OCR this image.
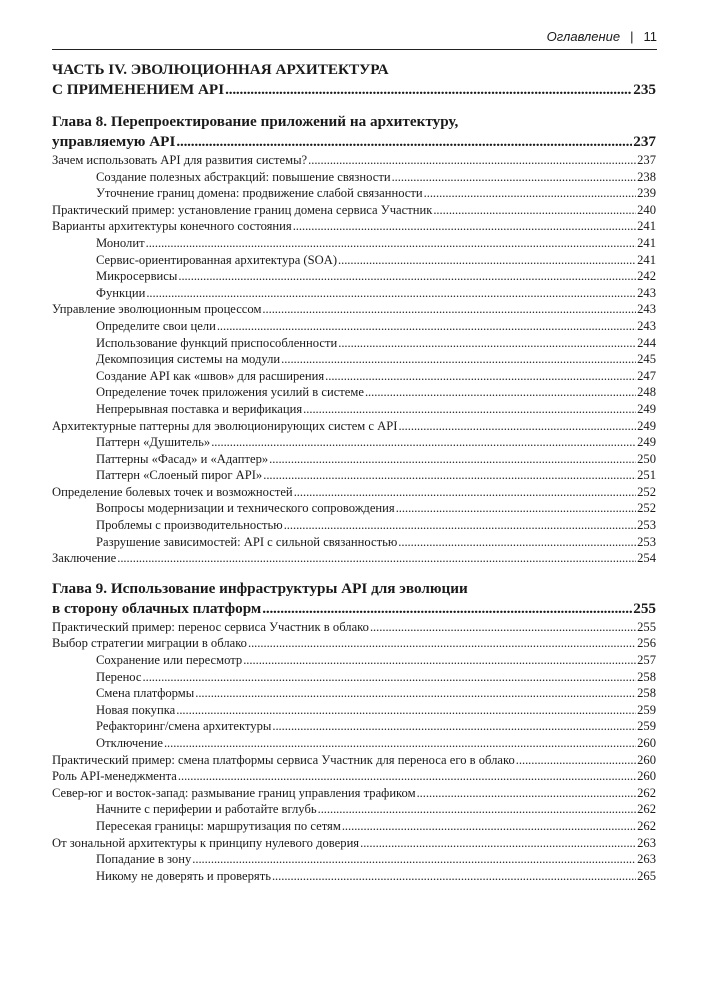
Оглавление | 11
ЧАСТЬ IV. ЭВОЛЮЦИОННАЯ АРХИТЕКТУРА
С ПРИМЕНЕНИЕМ API . . .	235
Глава 8. Перепроектирование приложений на архитектуру,
управляемую API . . .	237
Зачем использовать API для развития системы? . . .	237
Создание полезных абстракций: повышение связности . . .	238
Уточнение границ домена: продвижение слабой связанности . . .	239
Практический пример: установление границ домена сервиса Участник . . .	240
Варианты архитектуры конечного состояния . . .	241
Монолит . . .	241
Сервис-ориентированная архитектура (SOA) . . .	241
Микросервисы . . .	242
Функции . . .	243
Управление эволюционным процессом . . .	243
Определите свои цели . . .	243
Использование функций приспособленности . . .	244
Декомпозиция системы на модули . . .	245
Создание API как «швов» для расширения . . .	247
Определение точек приложения усилий в системе . . .	248
Непрерывная поставка и верификация . . .	249
Архитектурные паттерны для эволюционирующих систем с API . . .	249
Паттерн «Душитель» . . .	249
Паттерны «Фасад» и «Адаптер» . . .	250
Паттерн «Слоеный пирог API» . . .	251
Определение болевых точек и возможностей . . .	252
Вопросы модернизации и технического сопровождения . . .	252
Проблемы с производительностью . . .	253
Разрушение зависимостей: API с сильной связанностью . . .	253
Заключение . . .	254
Глава 9. Использование инфраструктуры API для эволюции
в сторону облачных платформ . . .	255
Практический пример: перенос сервиса Участник в облако . . .	255
Выбор стратегии миграции в облако . . .	256
Сохранение или пересмотр . . .	257
Перенос . . .	258
Смена платформы . . .	258
Новая покупка . . .	259
Рефакторинг/смена архитектуры . . .	259
Отключение . . .	260
Практический пример: смена платформы сервиса Участник для переноса его в облако . . .	260
Роль API-менеджмента . . .	260
Север-юг и восток-запад: размывание границ управления трафиком . . .	262
Начните с периферии и работайте вглубь . . .	262
Пересекая границы: маршрутизация по сетям . . .	262
От зональной архитектуры к принципу нулевого доверия . . .	263
Попадание в зону . . .	263
Никому не доверять и проверять . . .	265
